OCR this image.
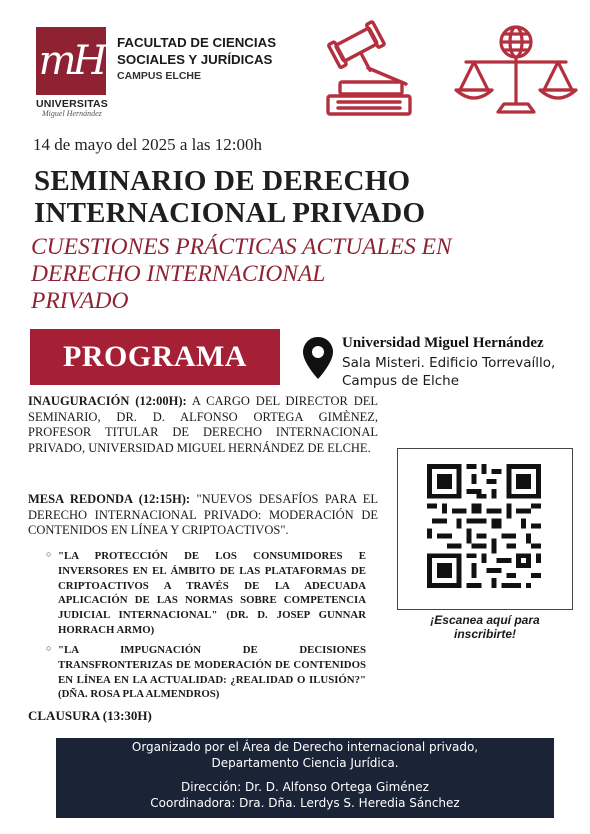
mH
UNIVERSITAS
Miguel Hernández
FACULTAD DE CIENCIAS
SOCIALES Y JURÍDICAS
CAMPUS ELCHE
14 de mayo del 2025 a las 12:00h
SEMINARIO DE DERECHO
INTERNACIONAL PRIVADO
CUESTIONES PRÁCTICAS ACTUALES EN
DERECHO INTERNACIONAL
PRIVADO
PROGRAMA	Universidad Miguel Hernández
Sala Misteri. Edificio Torrevaíllo, Campus de Elche
INAUGURACIÓN (12:00H): A CARGO DEL DIRECTOR DEL SEMINARIO, DR. D. ALFONSO ORTEGA GIMÈNEZ, PROFESOR TITULAR DE DERECHO INTERNACIONAL PRIVADO, UNIVERSIDAD MIGUEL HERNÁNDEZ DE ELCHE.
MESA REDONDA (12:15H): "NUEVOS DESAFÍOS PARA EL DERECHO INTERNACIONAL PRIVADO: MODERACIÓN DE CONTENIDOS EN LÍNEA Y CRIPTOACTIVOS".
○ "LA PROTECCIÓN DE LOS CONSUMIDORES E INVERSORES EN EL ÁMBITO DE LAS PLATAFORMAS DE CRIPTOACTIVOS A TRAVÉS DE LA ADECUADA APLICACIÓN DE LAS NORMAS SOBRE COMPETENCIA JUDICIAL INTERNACIONAL" (DR. D. JOSEP GUNNAR HORRACH ARMO)
○ "LA IMPUGNACIÓN DE DECISIONES TRANSFRONTERIZAS DE MODERACIÓN DE CONTENIDOS EN LÍNEA EN LA ACTUALIDAD: ¿REALIDAD O ILUSIÓN?" (DÑA. ROSA PLA ALMENDROS)
CLAUSURA (13:30H)
¡Escanea aquí para inscribirte!
Organizado por el Área de Derecho internacional privado,
Departamento Ciencia Jurídica.
Dirección: Dr. D. Alfonso Ortega Giménez
Coordinadora: Dra. Dña. Lerdys S. Heredia Sánchez
